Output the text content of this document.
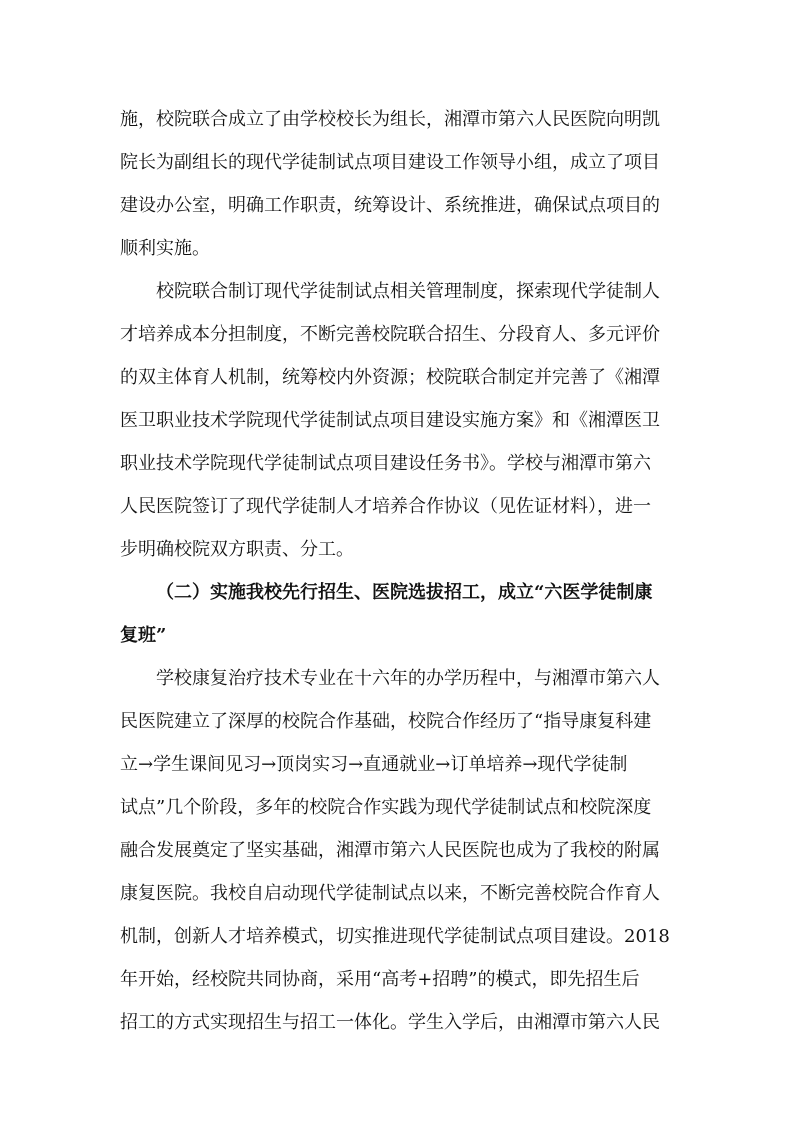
施，校院联合成立了由学校校长为组长，湘潭市第六人民医院向明凯
院长为副组长的现代学徒制试点项目建设工作领导小组，成立了项目
建设办公室，明确工作职责，统筹设计、系统推进，确保试点项目的
顺利实施。
校院联合制订现代学徒制试点相关管理制度，探索现代学徒制人
才培养成本分担制度，不断完善校院联合招生、分段育人、多元评价
的双主体育人机制，统筹校内外资源；校院联合制定并完善了《湘潭
医卫职业技术学院现代学徒制试点项目建设实施方案》和《湘潭医卫
职业技术学院现代学徒制试点项目建设任务书》。学校与湘潭市第六
人民医院签订了现代学徒制人才培养合作协议（见佐证材料），进一
步明确校院双方职责、分工。
（二）实施我校先行招生、医院选拔招工，成立“六医学徒制康
复班”
学校康复治疗技术专业在十六年的办学历程中，与湘潭市第六人
民医院建立了深厚的校院合作基础，校院合作经历了“指导康复科建
立→学生课间见习→顶岗实习→直通就业→订单培养→现代学徒制
试点”几个阶段，多年的校院合作实践为现代学徒制试点和校院深度
融合发展奠定了坚实基础，湘潭市第六人民医院也成为了我校的附属
康复医院。我校自启动现代学徒制试点以来，不断完善校院合作育人
机制，创新人才培养模式，切实推进现代学徒制试点项目建设。2018
年开始，经校院共同协商，采用“高考+招聘”的模式，即先招生后
招工的方式实现招生与招工一体化。学生入学后，由湘潭市第六人民
